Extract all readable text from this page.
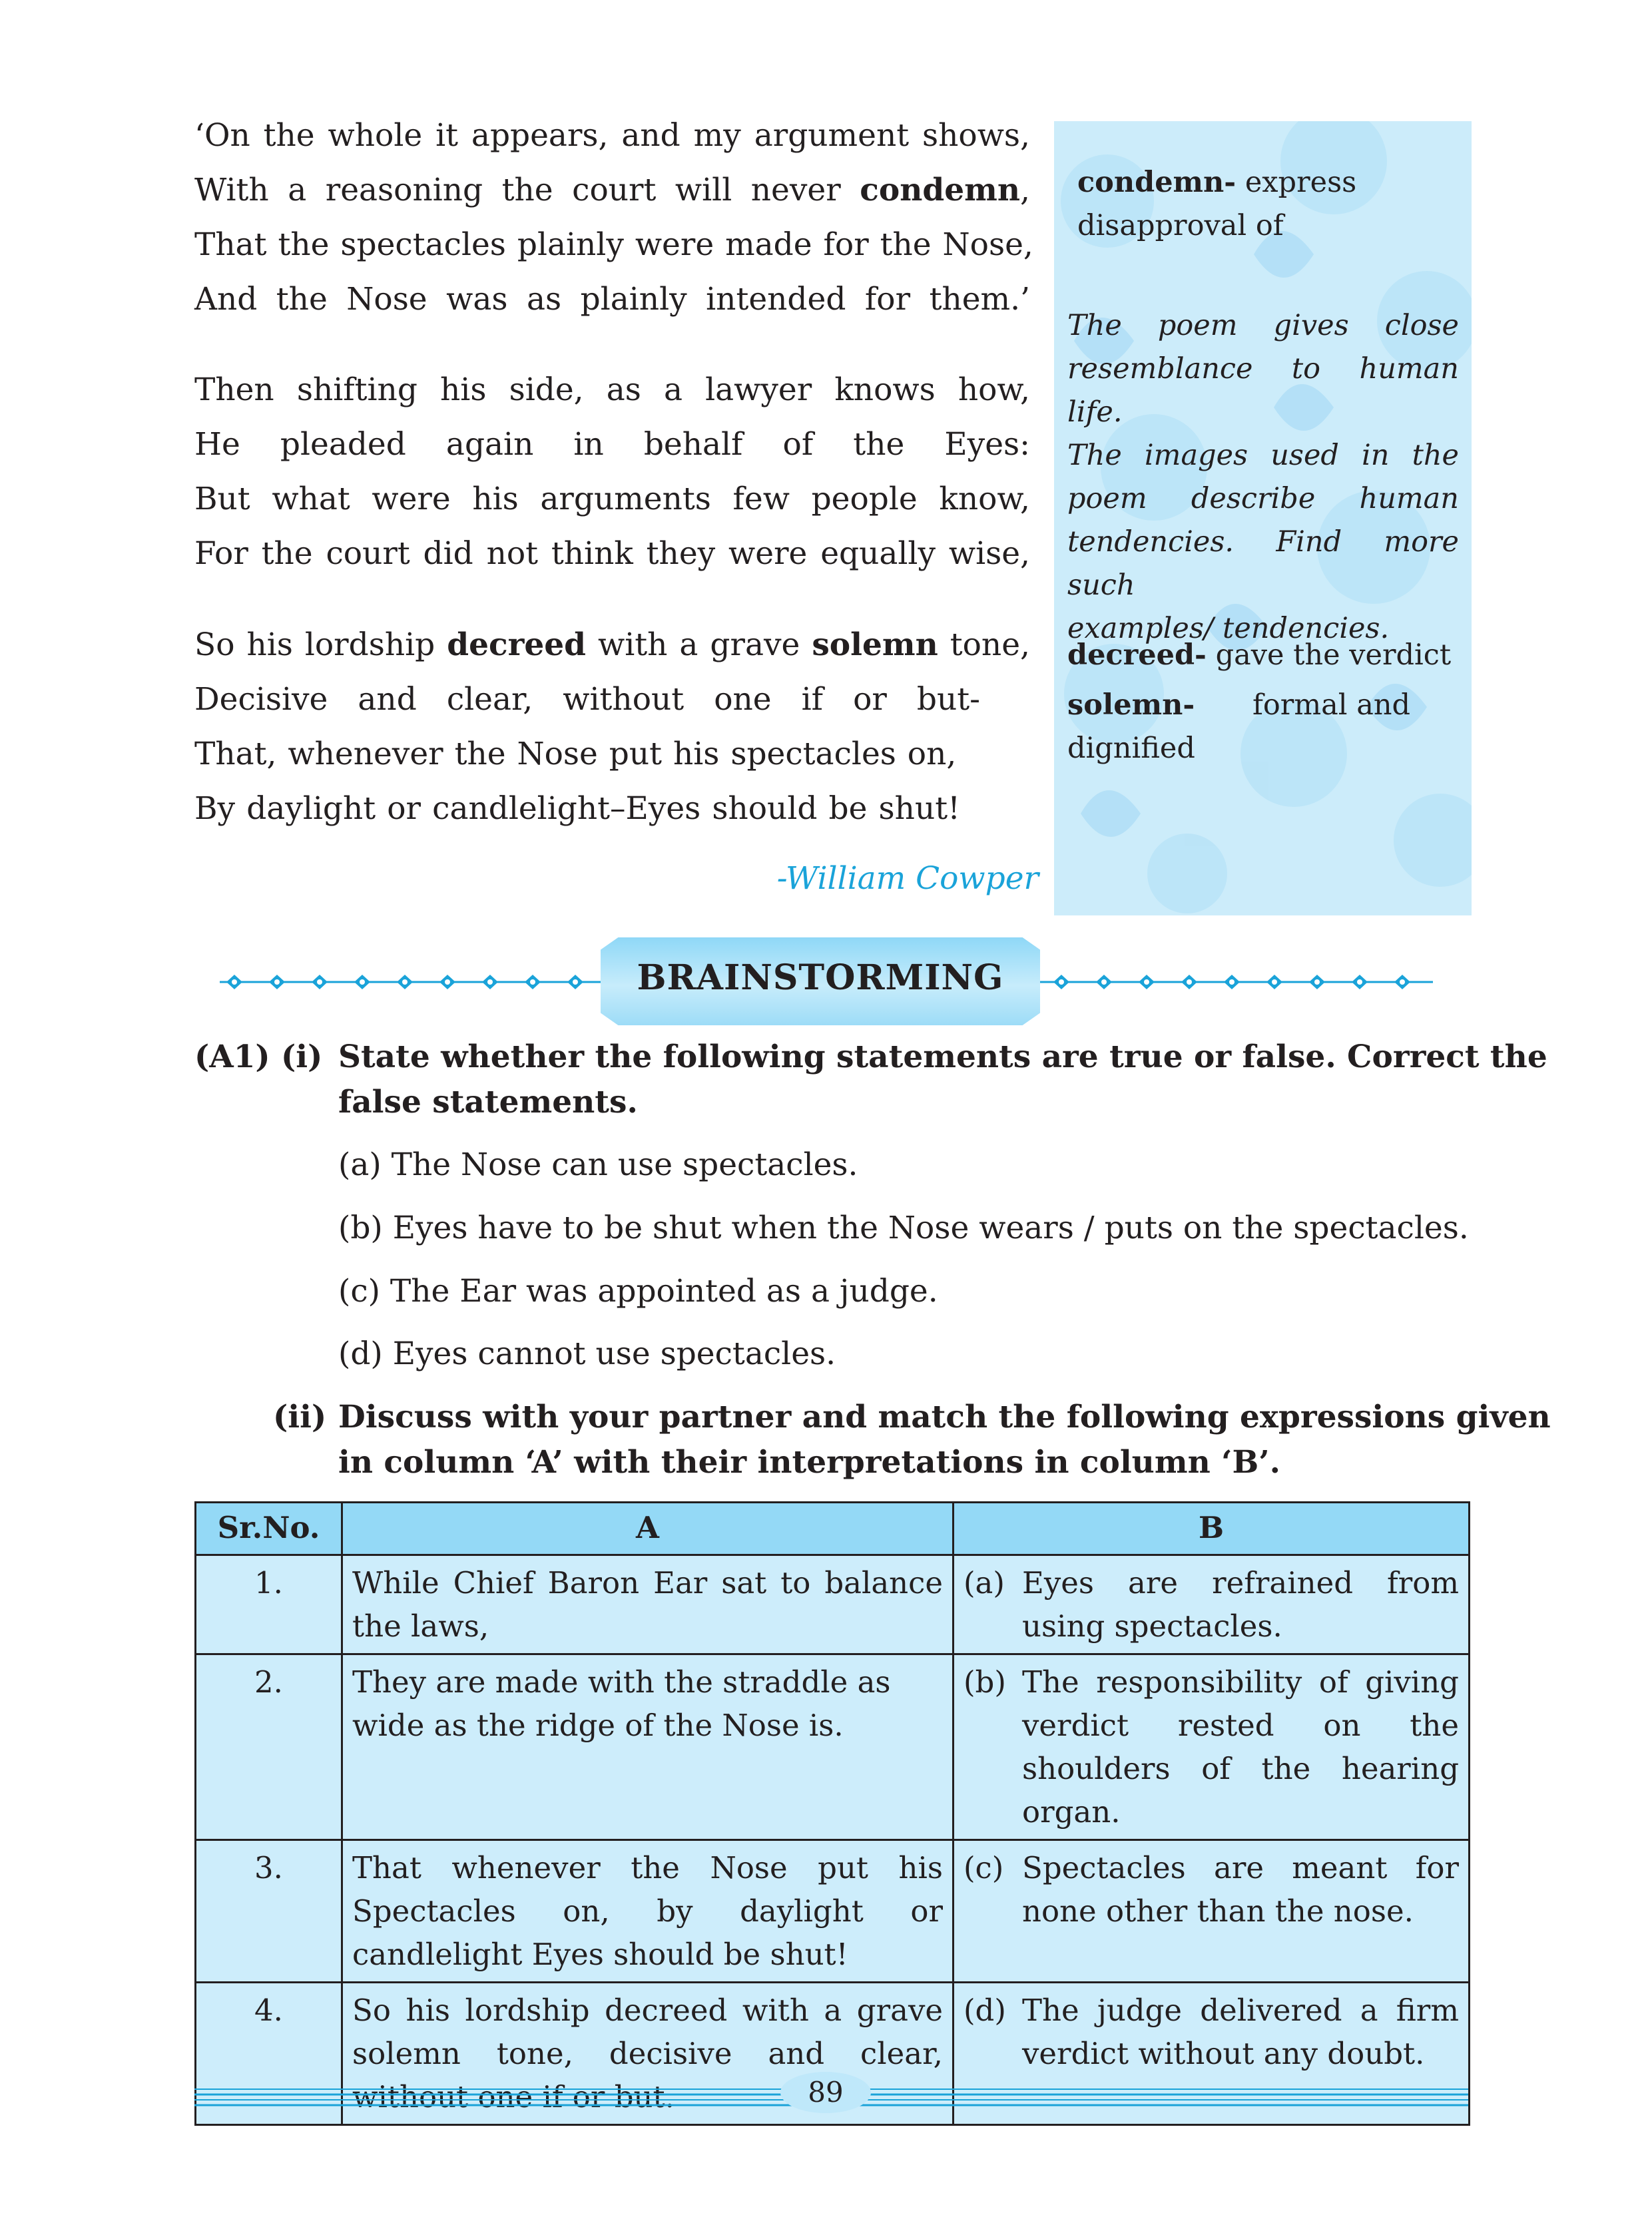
‘On the whole it appears, and my argument shows,
With a reasoning the court will never condemn,
That the spectacles plainly were made for the Nose,
And the Nose was as plainly intended for them.’
Then shifting his side, as a lawyer knows how,
He pleaded again in behalf of the Eyes:
But what were his arguments few people know,
For the court did not think they were equally wise,
So his lordship decreed with a grave solemn tone,
Decisive and clear, without one if or but-
That, whenever the Nose put his spectacles on,
By daylight or candlelight–Eyes should be shut!
-William Cowper
condemn- express
disapproval of
The poem gives close
resemblance to human life.
The images used in the
poem describe human
tendencies. Find more such
examples/ tendencies.
decreed- gave the verdict
solemn- formal and
dignified
BRAINSTORMING
(A1) (i) State whether the following statements are true or false. Correct the
false statements.
(a) The Nose can use spectacles.
(b) Eyes have to be shut when the Nose wears / puts on the spectacles.
(c) The Ear was appointed as a judge.
(d) Eyes cannot use spectacles.
(ii) Discuss with your partner and match the following expressions given
in column ‘A’ with their interpretations in column ‘B’.
Sr.No.	A	B
1.	While Chief Baron Ear sat to balance the laws,	(a) Eyes are refrained from using spectacles.

2.	They are made with the straddle as wide as the ridge of the Nose is.	(b) The responsibility of giving verdict rested on the shoulders of the hearing organ.

3.	That whenever the Nose put his Spectacles on, by daylight or candlelight Eyes should be shut!	(c) Spectacles are meant for none other than the nose.

4.	So his lordship decreed with a grave solemn tone, decisive and clear, without one if or but.	(d) The judge delivered a firm verdict without any doubt.
89
